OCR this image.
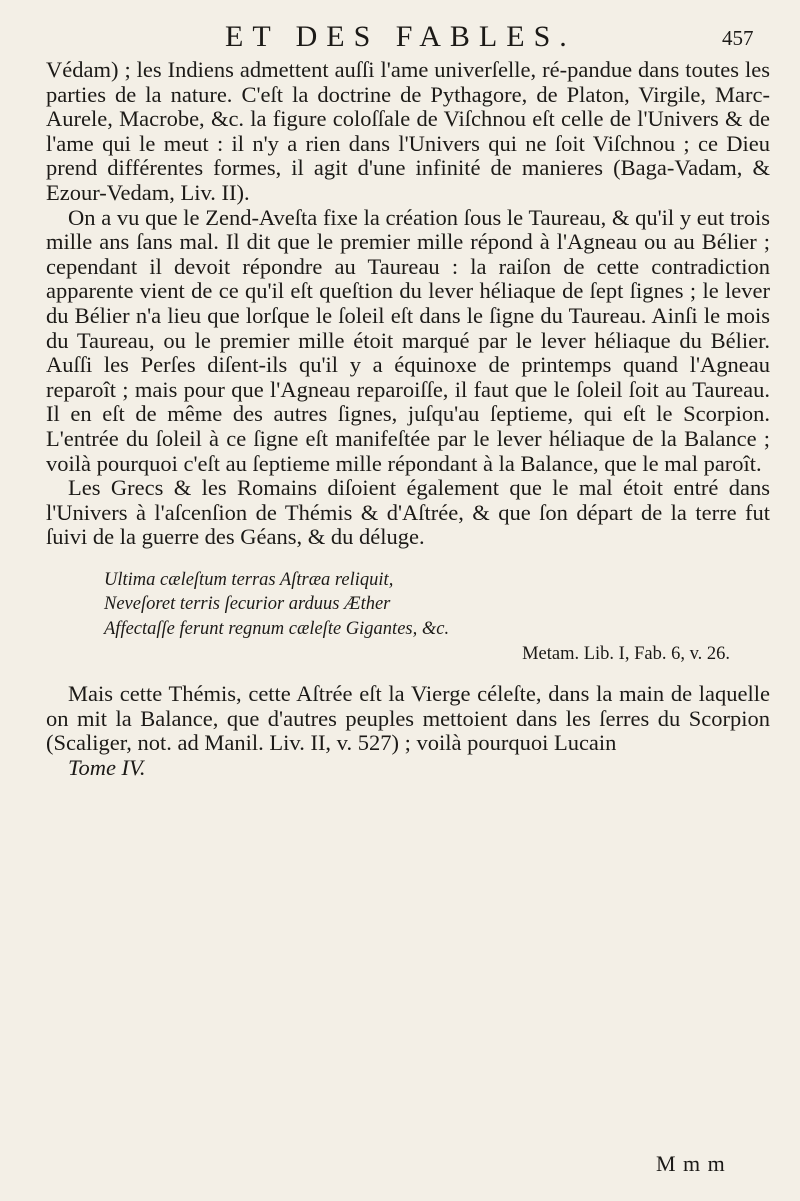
ET DES FABLES.	457

Védam) ; les Indiens admettent auſſi l'ame univerſelle, ré-pandue dans toutes les parties de la nature. C'eſt la doctrine de Pythagore, de Platon, Virgile, Marc-Aurele, Macrobe, &c. la figure coloſſale de Viſchnou eſt celle de l'Univers & de l'ame qui le meut : il n'y a rien dans l'Univers qui ne ſoit Viſchnou ; ce Dieu prend différentes formes, il agit d'une infinité de manieres (Baga-Vadam, & Ezour-Vedam, Liv. II).

On a vu que le Zend-Aveſta fixe la création ſous le Taureau, & qu'il y eut trois mille ans ſans mal. Il dit que le premier mille répond à l'Agneau ou au Bélier ; cependant il devoit répondre au Taureau : la raiſon de cette contradiction apparente vient de ce qu'il eſt queſtion du lever héliaque de ſept ſignes ; le lever du Bélier n'a lieu que lorſque le ſoleil eſt dans le ſigne du Taureau. Ainſi le mois du Taureau, ou le premier mille étoit marqué par le lever héliaque du Bélier. Auſſi les Perſes diſent-ils qu'il y a équinoxe de printemps quand l'Agneau reparoît ; mais pour que l'Agneau reparoiſſe, il faut que le ſoleil ſoit au Taureau. Il en eſt de même des autres ſignes, juſqu'au ſeptieme, qui eſt le Scorpion. L'entrée du ſoleil à ce ſigne eſt manifeſtée par le lever héliaque de la Balance ; voilà pourquoi c'eſt au ſeptieme mille répondant à la Balance, que le mal paroît.

Les Grecs & les Romains diſoient également que le mal étoit entré dans l'Univers à l'aſcenſion de Thémis & d'Aſtrée, & que ſon départ de la terre fut ſuivi de la guerre des Géans, & du déluge.

Ultima cæleſtum terras Aſtræa reliquit,
Neveſoret terris ſecurior arduus Æther
Affectaſſe ferunt regnum cæleſte Gigantes, &c.
Metam. Lib. I, Fab. 6, v. 26.

Mais cette Thémis, cette Aſtrée eſt la Vierge céleſte, dans la main de laquelle on mit la Balance, que d'autres peuples mettoient dans les ſerres du Scorpion (Scaliger, not. ad Manil. Liv. II, v. 527) ; voilà pourquoi Lucain

Tome IV.

M m m
